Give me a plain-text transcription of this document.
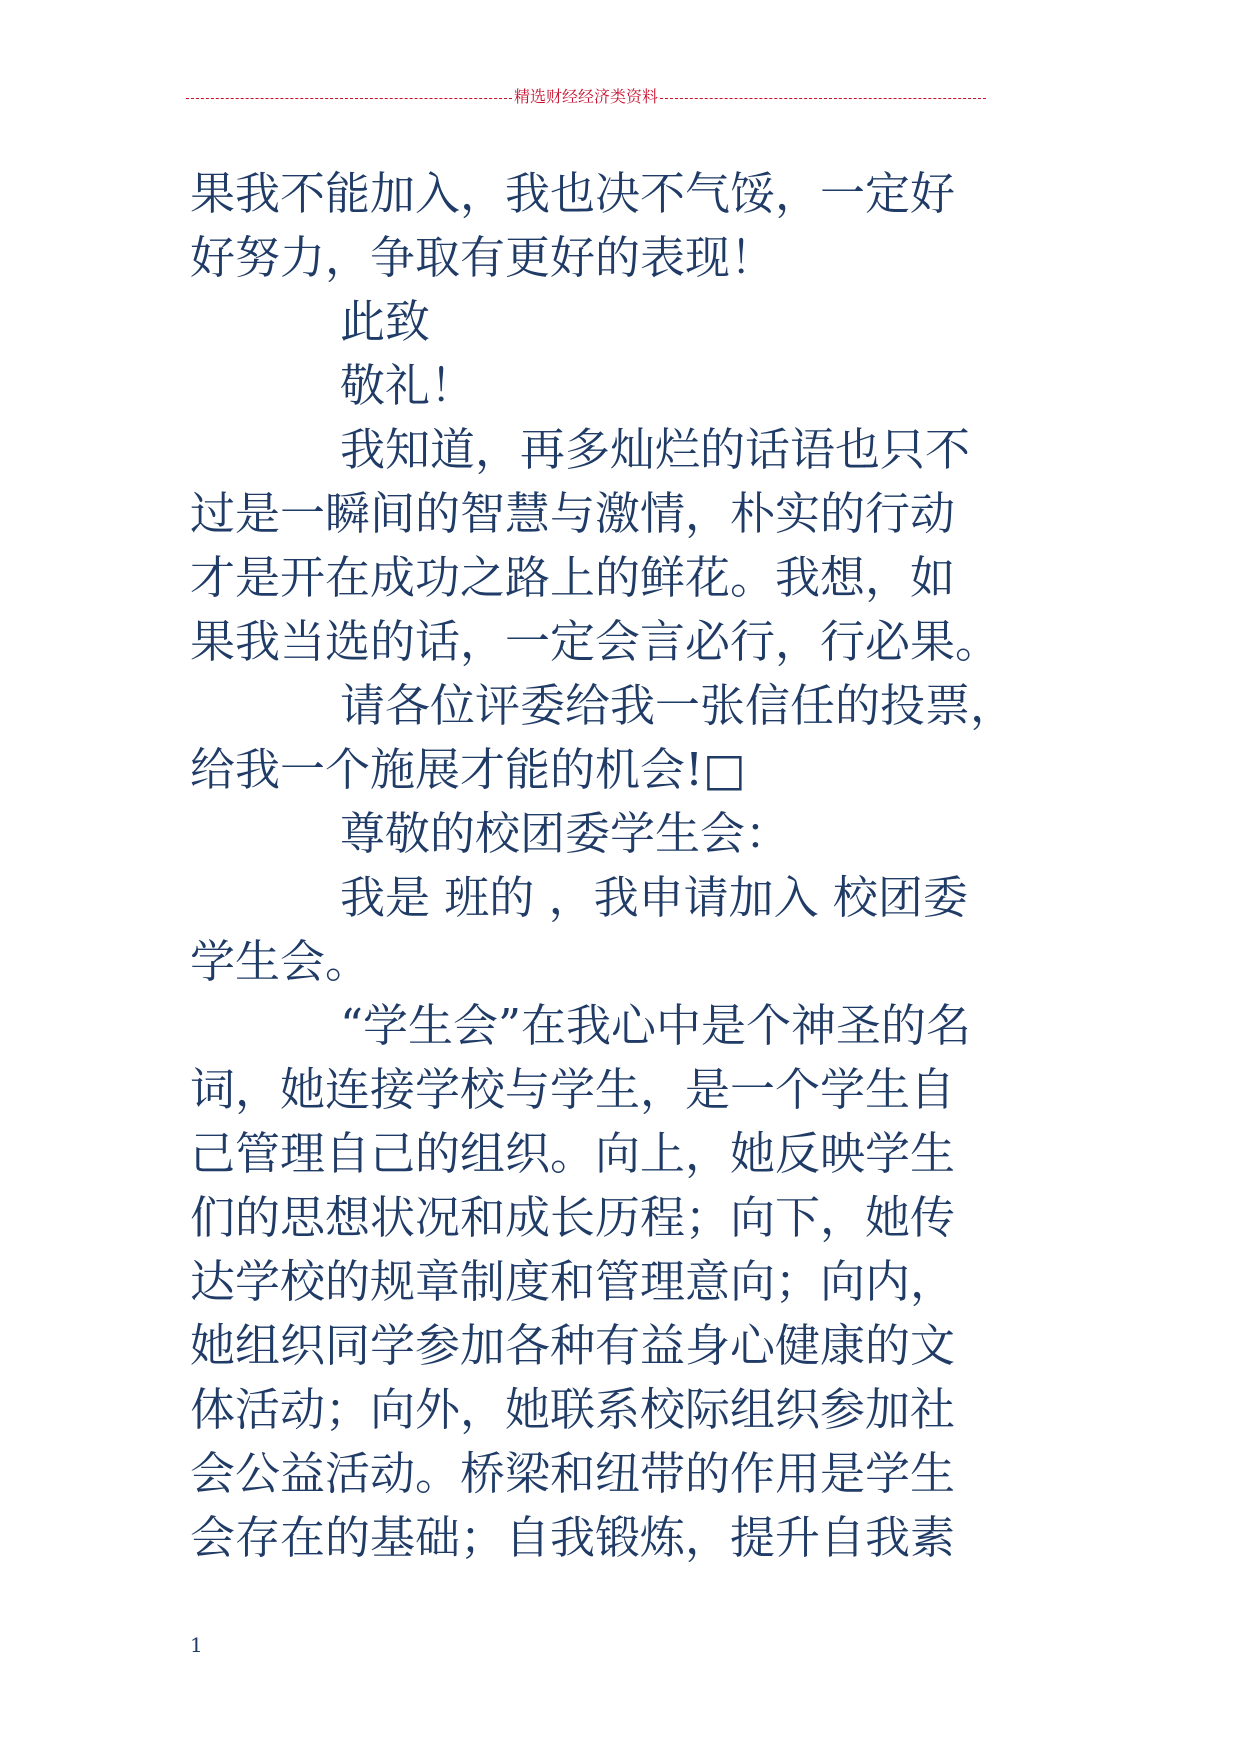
精选财经经济类资料

果我不能加入，我也决不气馁，一定好

好努力，争取有更好的表现！

此致

敬礼！

我知道，再多灿烂的话语也只不

过是一瞬间的智慧与激情，朴实的行动

才是开在成功之路上的鲜花。我想，如

果我当选的话，一定会言必行，行必果。

请各位评委给我一张信任的投票，

给我一个施展才能的机会!□

尊敬的校团委学生会：

我是 班的 ，我申请加入 校团委

学生会。

“学生会”在我心中是个神圣的名

词，她连接学校与学生，是一个学生自

己管理自己的组织。向上，她反映学生

们的思想状况和成长历程；向下，她传

达学校的规章制度和管理意向；向内，

她组织同学参加各种有益身心健康的文

体活动；向外，她联系校际组织参加社

会公益活动。桥梁和纽带的作用是学生

会存在的基础；自我锻炼，提升自我素

1
